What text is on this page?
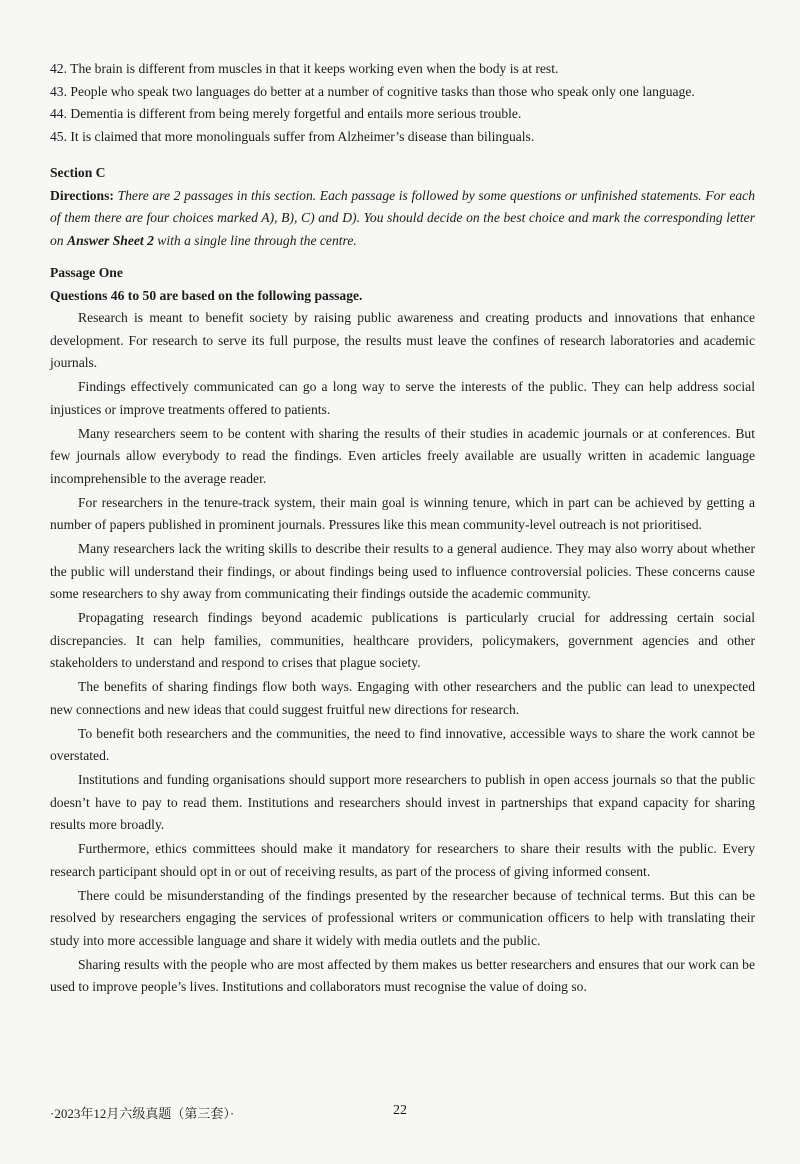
42. The brain is different from muscles in that it keeps working even when the body is at rest.
43. People who speak two languages do better at a number of cognitive tasks than those who speak only one language.
44. Dementia is different from being merely forgetful and entails more serious trouble.
45. It is claimed that more monolinguals suffer from Alzheimer’s disease than bilinguals.
Section C
Directions: There are 2 passages in this section. Each passage is followed by some questions or unfinished statements. For each of them there are four choices marked A), B), C) and D). You should decide on the best choice and mark the corresponding letter on Answer Sheet 2 with a single line through the centre.
Passage One
Questions 46 to 50 are based on the following passage.

Research is meant to benefit society by raising public awareness and creating products and innovations that enhance development. For research to serve its full purpose, the results must leave the confines of research laboratories and academic journals.

Findings effectively communicated can go a long way to serve the interests of the public. They can help address social injustices or improve treatments offered to patients.

Many researchers seem to be content with sharing the results of their studies in academic journals or at conferences. But few journals allow everybody to read the findings. Even articles freely available are usually written in academic language incomprehensible to the average reader.

For researchers in the tenure-track system, their main goal is winning tenure, which in part can be achieved by getting a number of papers published in prominent journals. Pressures like this mean community-level outreach is not prioritised.

Many researchers lack the writing skills to describe their results to a general audience. They may also worry about whether the public will understand their findings, or about findings being used to influence controversial policies. These concerns cause some researchers to shy away from communicating their findings outside the academic community.

Propagating research findings beyond academic publications is particularly crucial for addressing certain social discrepancies. It can help families, communities, healthcare providers, policymakers, government agencies and other stakeholders to understand and respond to crises that plague society.

The benefits of sharing findings flow both ways. Engaging with other researchers and the public can lead to unexpected new connections and new ideas that could suggest fruitful new directions for research.

To benefit both researchers and the communities, the need to find innovative, accessible ways to share the work cannot be overstated.

Institutions and funding organisations should support more researchers to publish in open access journals so that the public doesn’t have to pay to read them. Institutions and researchers should invest in partnerships that expand capacity for sharing results more broadly.

Furthermore, ethics committees should make it mandatory for researchers to share their results with the public. Every research participant should opt in or out of receiving results, as part of the process of giving informed consent.

There could be misunderstanding of the findings presented by the researcher because of technical terms. But this can be resolved by researchers engaging the services of professional writers or communication officers to help with translating their study into more accessible language and share it widely with media outlets and the public.

Sharing results with the people who are most affected by them makes us better researchers and ensures that our work can be used to improve people’s lives. Institutions and collaborators must recognise the value of doing so.

·2023年12月六级真题（第三套）·	22
